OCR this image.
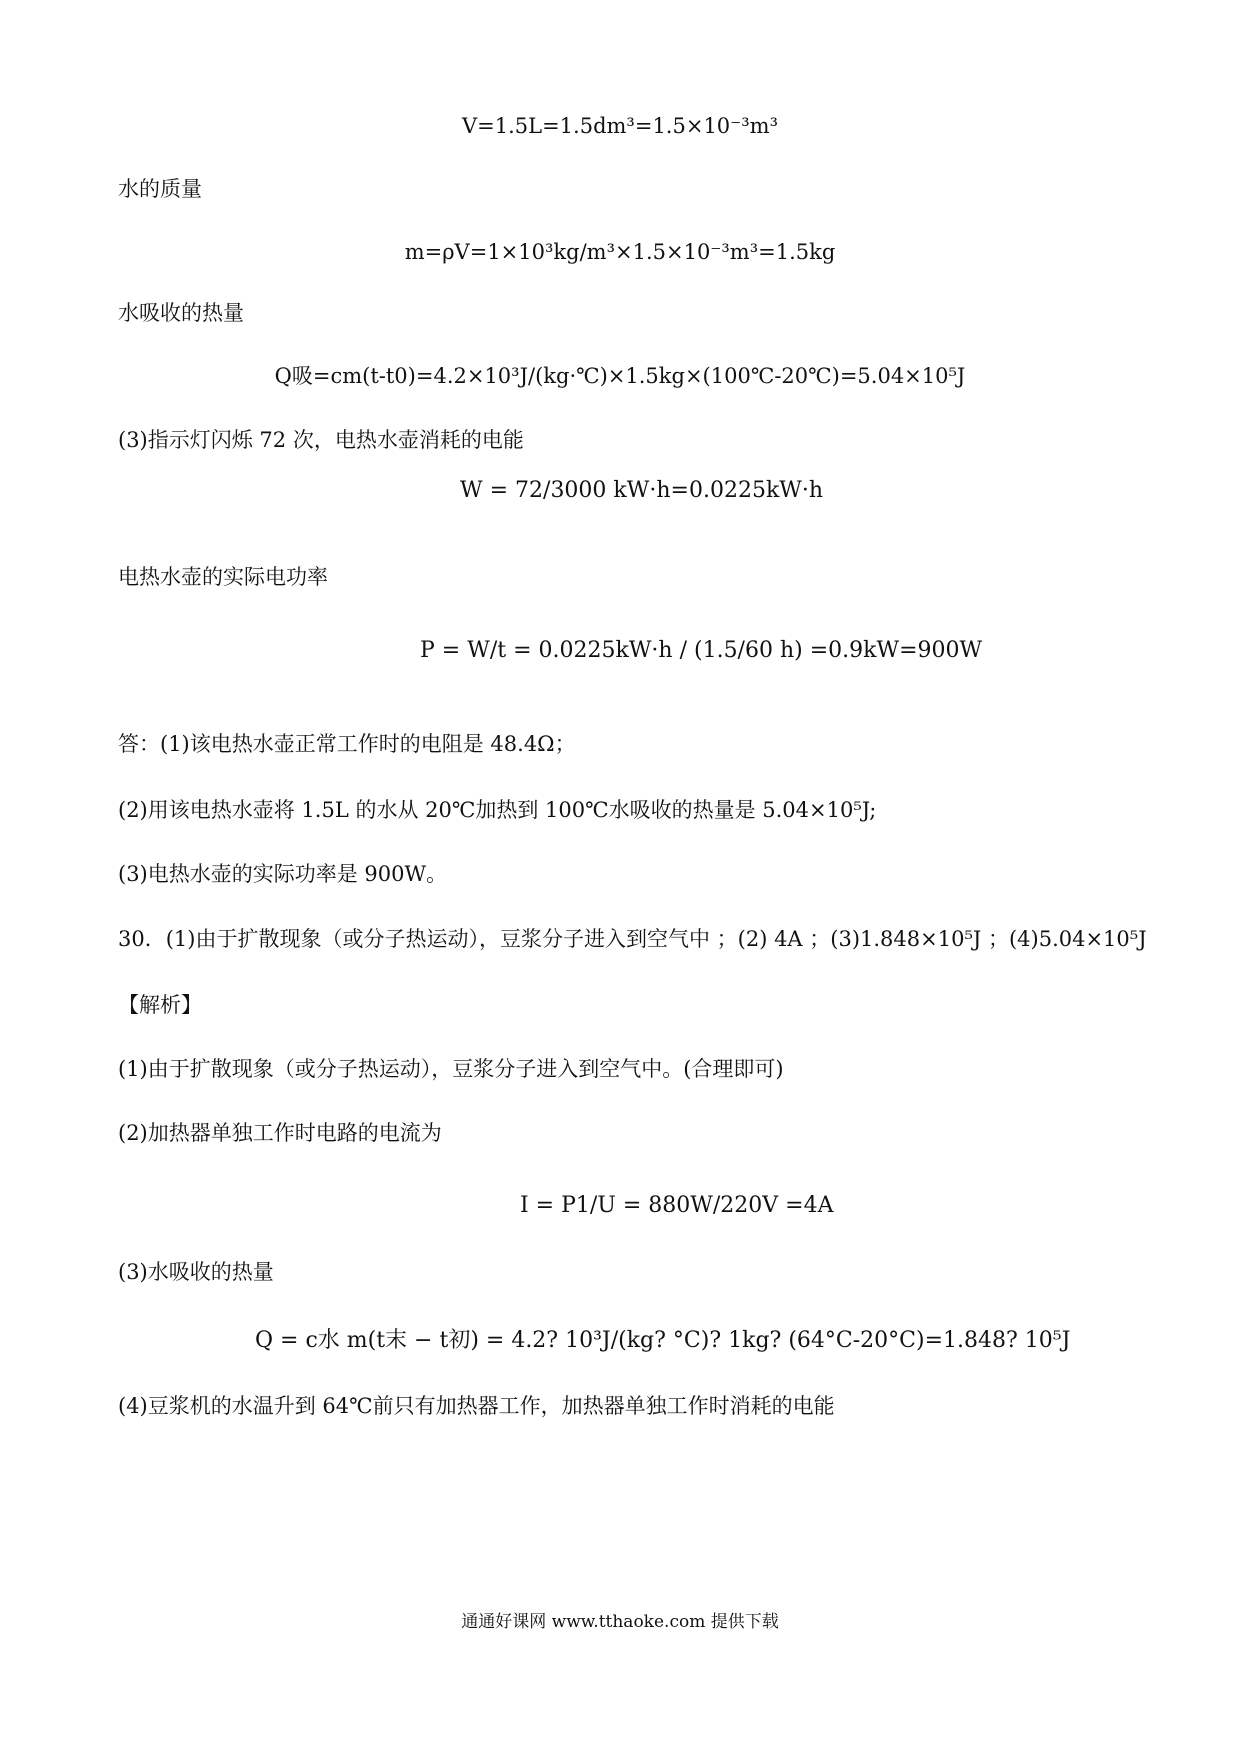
V=1.5L=1.5dm³=1.5×10⁻³m³
水的质量
m=ρV=1×10³kg/m³×1.5×10⁻³m³=1.5kg
水吸收的热量
Q吸=cm(t-t0)=4.2×10³J/(kg·℃)×1.5kg×(100℃-20℃)=5.04×10⁵J
(3)指示灯闪烁 72 次，电热水壶消耗的电能
W = 72/3000 kW·h=0.0225kW·h
电热水壶的实际电功率
P = W/t = 0.0225kW·h / (1.5/60 h) =0.9kW=900W
答：(1)该电热水壶正常工作时的电阻是 48.4Ω；
(2)用该电热水壶将 1.5L 的水从 20℃加热到 100℃水吸收的热量是 5.04×10⁵J;
(3)电热水壶的实际功率是 900W。
30．(1)由于扩散现象（或分子热运动），豆浆分子进入到空气中 ；(2) 4A ；(3)1.848×10⁵J ；(4)5.04×10⁵J
【解析】
(1)由于扩散现象（或分子热运动），豆浆分子进入到空气中。(合理即可)
(2)加热器单独工作时电路的电流为
I = P1/U = 880W/220V =4A
(3)水吸收的热量
Q = c水 m(t末 − t初) = 4.2? 10³J/(kg? °C)? 1kg? (64°C-20°C)=1.848? 10⁵J
(4)豆浆机的水温升到 64℃前只有加热器工作，加热器单独工作时消耗的电能
通通好课网 www.tthaoke.com 提供下载
